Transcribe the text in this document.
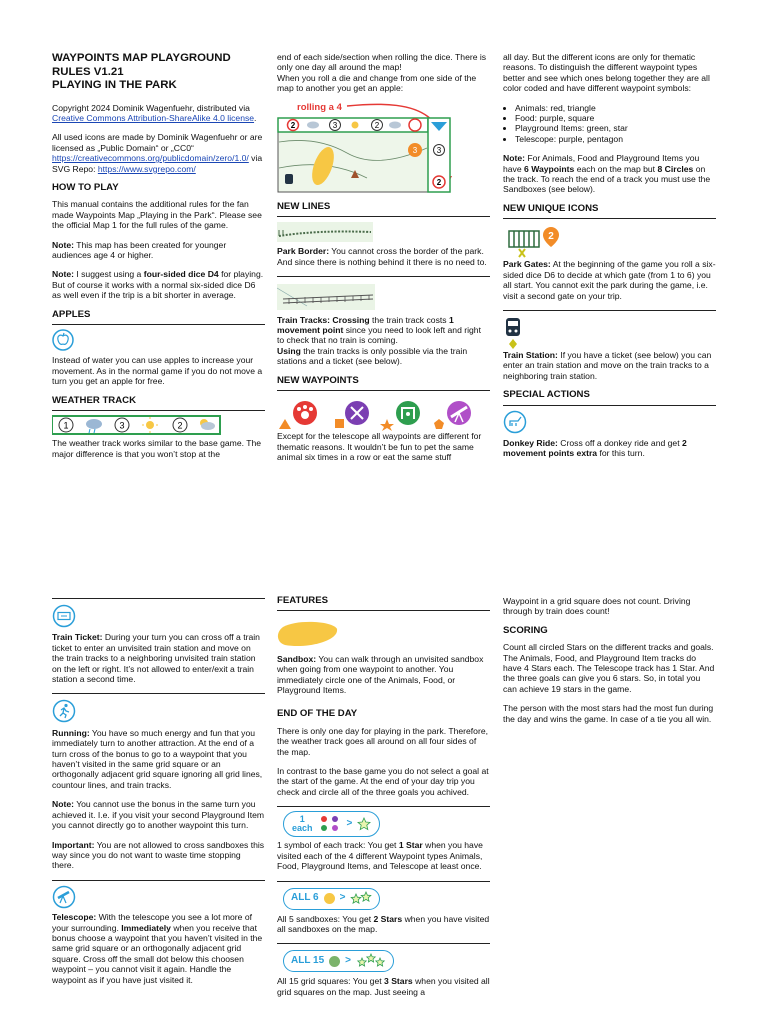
WAYPOINTS MAP PLAYGROUND
RULES V1.21
PLAYING IN THE PARK

Copyright 2024 Dominik Wagenfuehr, distributed via Creative Commons Attribution-ShareAlike 4.0 license.

All used icons are made by Dominik Wagenfuehr or are licensed as „Public Domain“ or „CC0“ https://creativecommons.org/publicdomain/zero/1.0/ via SVG Repo: https://www.svgrepo.com/

HOW TO PLAY

This manual contains the additional rules for the fan made Waypoints Map „Playing in the Park“. Please see the official Map 1 for the full rules of the game.

Note: This map has been created for younger audiences age 4 or higher.

Note: I suggest using a four-sided dice D4 for playing. But of course it works with a normal six-sided dice D6 as well even if the trip is a bit shorter in average.

APPLES

Instead of water you can use apples to increase your movement. As in the normal game if you do not move a turn you get an apple for free.

WEATHER TRACK
1	3	2

The weather track works similar to the base game. The major difference is that you won’t stop at the

end of each side/section when rolling the dice. There is only one day all around the map!

When you roll a die and change from one side of the map to another you get an apple:

rolling a 4
2	3	2
3
2
3
NEW LINES

Park Border: You cannot cross the border of the park. And since there is nothing behind it there is no need to.

Train Tracks: Crossing the train track costs 1 movement point since you need to look left and right to check that no train is coming.

Using the train tracks is only possible via the train stations and a ticket (see below).

NEW WAYPOINTS

Except for the telescope all waypoints are different for thematic reasons. It wouldn’t be fun to pet the same animal six times in a row or eat the same stuff

all day. But the different icons are only for thematic reasons. To distinguish the different waypoint types better and see which ones belong together they are all color coded and have different waypoint symbols:

• Animals: red, triangle
• Food: purple, square
• Playground Items: green, star
• Telescope: purple, pentagon

Note: For Animals, Food and Playground Items you have 6 Waypoints each on the map but 8 Circles on the track. To reach the end of a track you must use the Sandboxes (see below).

NEW UNIQUE ICONS
2

Park Gates: At the beginning of the game you roll a six-sided dice D6 to decide at which gate (from 1 to 6) you all start. You cannot exit the park during the game, i.e. visit a second gate on your trip.

Train Station: If you have a ticket (see below) you can enter an train station and move on the train tracks to a neighboring train station.

SPECIAL ACTIONS

Donkey Ride: Cross off a donkey ride and get 2 movement points extra for this turn.

Train Ticket: During your turn you can cross off a train ticket to enter an unvisited train station and move on the train tracks to a neighboring unvisited train station on the left or right. It’s not allowed to enter/exit a train station a second time.

Running: You have so much energy and fun that you immediately turn to another attraction. At the end of a turn cross of the bonus to go to a waypoint that you haven’t visited in the same grid square or an orthogonally adjacent grid square ignoring all grid lines, countour lines, and train tracks.

Note: You cannot use the bonus in the same turn you achieved it. I.e. if you visit your second Playground Item you cannot directly go to another waypoint this turn.

Important: You are not allowed to cross sandboxes this way since you do not want to waste time stopping there.

Telescope: With the telescope you see a lot more of your surrounding. Immediately when you receive that bonus choose a waypoint that you haven’t visited in the same grid square or an orthogonally adjacent grid square. Cross off the small dot below this choosen waypoint – you cannot visit it again. Handle the waypoint as if you have just visited it.

FEATURES

Sandbox: You can walk through an unvisited sandbox when going from one waypoint to another. You immediately circle one of the Animals, Food, or Playground Items.

END OF THE DAY

There is only one day for playing in the park. Therefore, the weather track goes all around on all four sides of the map.

In contrast to the base game you do not select a goal at the start of the game. At the end of your day trip you check and circle all of the three goals you achived.

1
each	>

1 symbol of each track: You get 1 Star when you have visited each of the 4 different Waypoint types Animals, Food, Playground Items, and Telescope at least once.

ALL 6 >

All 5 sandboxes: You get 2 Stars when you have visited all sandboxes on the map.

ALL 15 >

All 15 grid squares: You get 3 Stars when you visited all grid squares on the map. Just seeing a

Waypoint in a grid square does not count. Driving through by train does count!

SCORING

Count all circled Stars on the different tracks and goals. The Animals, Food, and Playground Item tracks do have 4 Stars each. The Telescope track has 1 Star. And the three goals can give you 6 stars. So, in total you can achieve 19 stars in the game.

The person with the most stars had the most fun during the day and wins the game. In case of a tie you all win.
